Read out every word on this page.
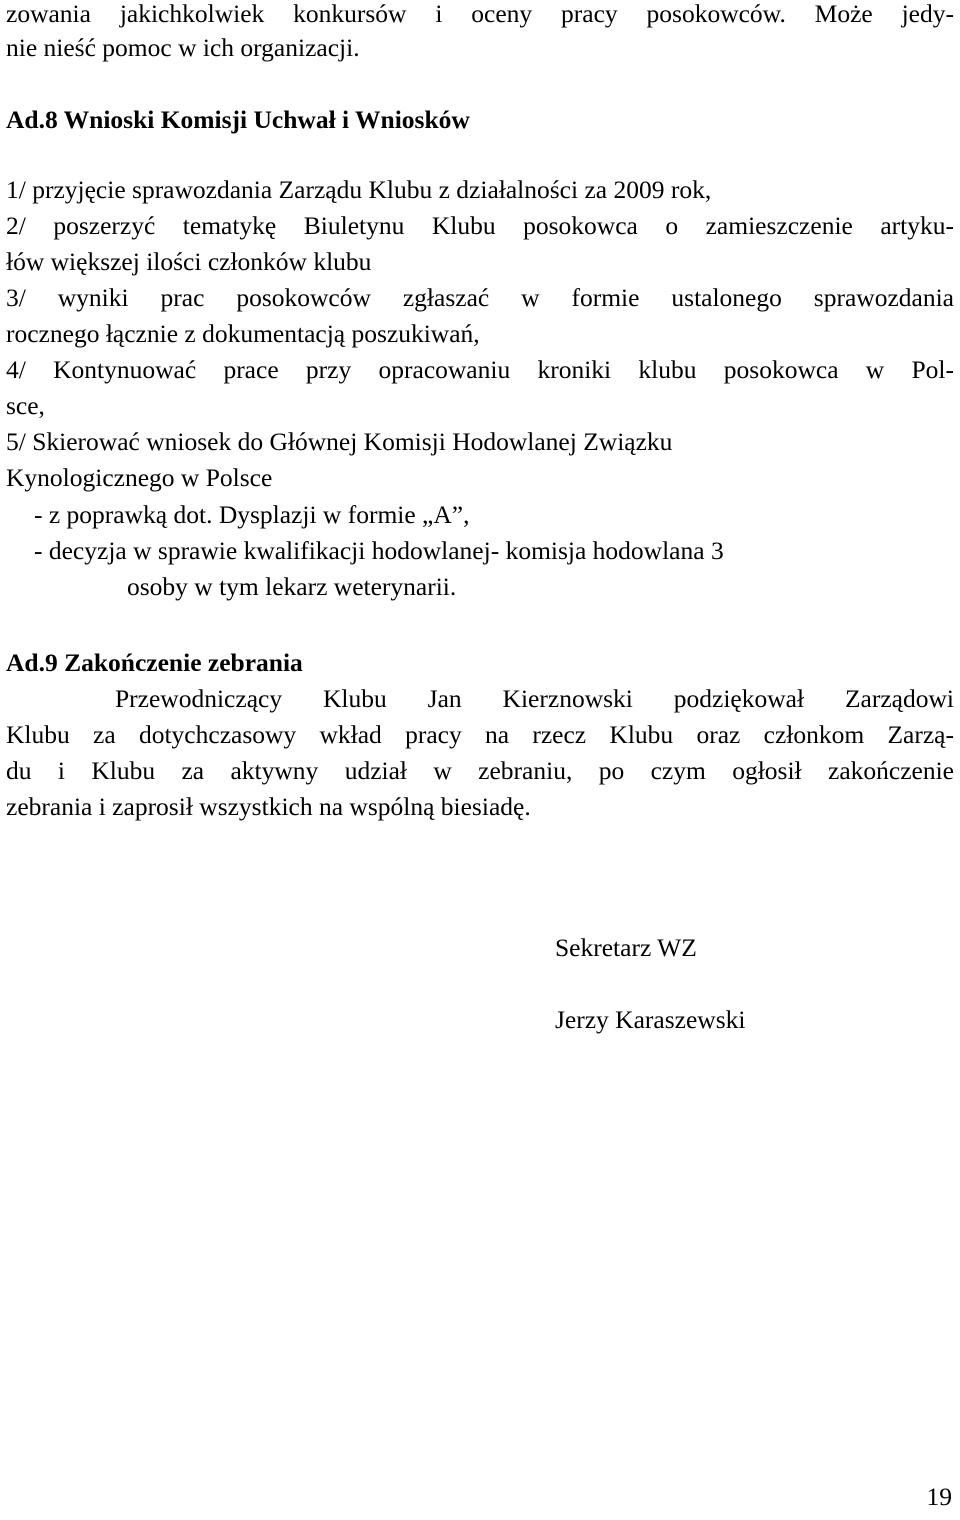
zowania jakichkolwiek konkursów i oceny pracy posokowców. Może jedy-

nie nieść pomoc w ich organizacji.

Ad.8 Wnioski Komisji Uchwał i Wniosków

1/ przyjęcie sprawozdania Zarządu Klubu z działalności za 2009 rok,

2/ poszerzyć tematykę Biuletynu Klubu posokowca o zamieszczenie artyku-

łów większej ilości członków klubu

3/ wyniki prac posokowców zgłaszać w formie ustalonego sprawozdania

rocznego łącznie z dokumentacją poszukiwań,

4/ Kontynuować prace przy opracowaniu kroniki klubu posokowca w Pol-

sce,

5/ Skierować wniosek do Głównej Komisji Hodowlanej Związku

Kynologicznego w Polsce

- z poprawką dot. Dysplazji w formie „A”,

- decyzja w sprawie kwalifikacji hodowlanej- komisja hodowlana 3

osoby w tym lekarz weterynarii.

Ad.9 Zakończenie zebrania

Przewodniczący Klubu Jan Kierznowski podziękował Zarządowi

Klubu za dotychczasowy wkład pracy na rzecz Klubu oraz członkom Zarzą-

du i Klubu za aktywny udział w zebraniu, po czym ogłosił zakończenie

zebrania i zaprosił wszystkich na wspólną biesiadę.

Sekretarz WZ

Jerzy Karaszewski

19
